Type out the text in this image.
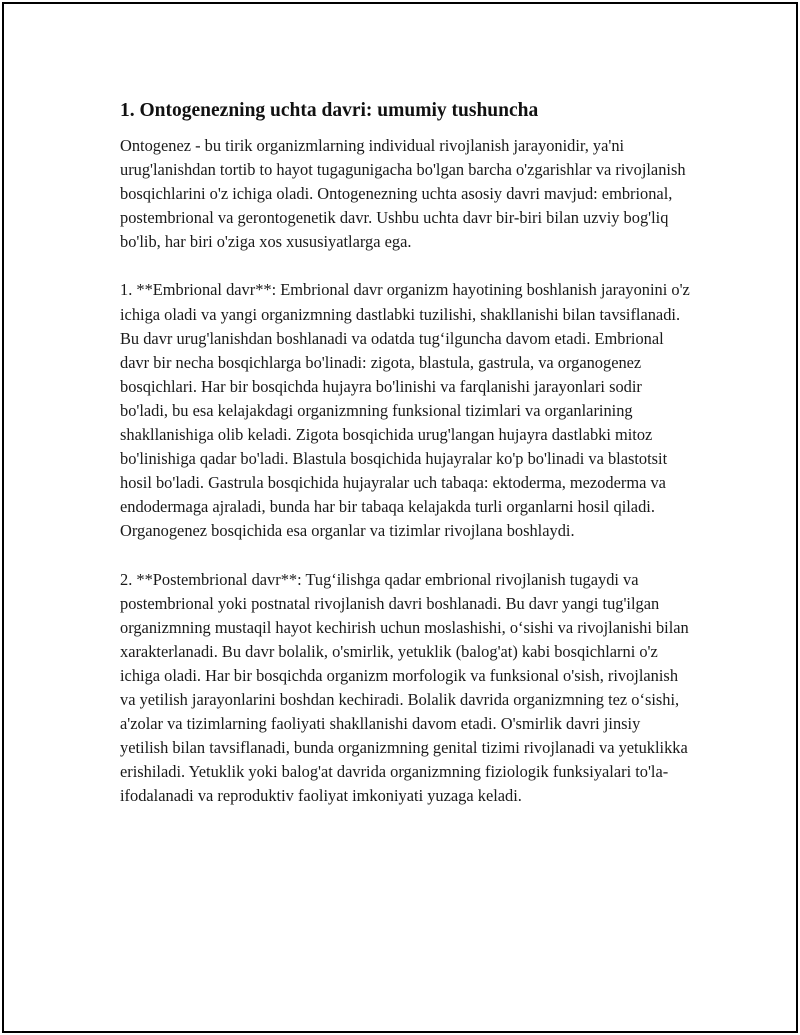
1. Ontogenezning uchta davri: umumiy tushuncha

Ontogenez - bu tirik organizmlarning individual rivojlanish jarayonidir, ya'ni urug'lanishdan tortib to hayot tugagunigacha bo'lgan barcha o'zgarishlar va rivojlanish bosqichlarini o'z ichiga oladi. Ontogenezning uchta asosiy davri mavjud: embrional, postembrional va gerontogenetik davr. Ushbu uchta davr bir-biri bilan uzviy bog'liq bo'lib, har biri o'ziga xos xususiyatlarga ega.

1. **Embrional davr**: Embrional davr organizm hayotining boshlanish jarayonini o'z ichiga oladi va yangi organizmning dastlabki tuzilishi, shakllanishi bilan tavsiflanadi. Bu davr urug'lanishdan boshlanadi va odatda tug‘ilguncha davom etadi. Embrional davr bir necha bosqichlarga bo'linadi: zigota, blastula, gastrula, va organogenez bosqichlari. Har bir bosqichda hujayra bo'linishi va farqlanishi jarayonlari sodir bo'ladi, bu esa kelajakdagi organizmning funksional tizimlari va organlarining shakllanishiga olib keladi. Zigota bosqichida urug'langan hujayra dastlabki mitoz bo'linishiga qadar bo'ladi. Blastula bosqichida hujayralar ko'p bo'linadi va blastotsit hosil bo'ladi. Gastrula bosqichida hujayralar uch tabaqa: ektoderma, mezoderma va endodermaga ajraladi, bunda har bir tabaqa kelajakda turli organlarni hosil qiladi. Organogenez bosqichida esa organlar va tizimlar rivojlana boshlaydi.

2. **Postembrional davr**: Tug‘ilishga qadar embrional rivojlanish tugaydi va postembrional yoki postnatal rivojlanish davri boshlanadi. Bu davr yangi tug'ilgan organizmning mustaqil hayot kechirish uchun moslashishi, o‘sishi va rivojlanishi bilan xarakterlanadi. Bu davr bolalik, o'smirlik, yetuklik (balog'at) kabi bosqichlarni o'z ichiga oladi. Har bir bosqichda organizm morfologik va funksional o'sish, rivojlanish va yetilish jarayonlarini boshdan kechiradi. Bolalik davrida organizmning tez o‘sishi, a'zolar va tizimlarning faoliyati shakllanishi davom etadi. O'smirlik davri jinsiy yetilish bilan tavsiflanadi, bunda organizmning genital tizimi rivojlanadi va yetuklikka erishiladi. Yetuklik yoki balog'at davrida organizmning fiziologik funksiyalari to'la-ifodalanadi va reproduktiv faoliyat imkoniyati yuzaga keladi.
